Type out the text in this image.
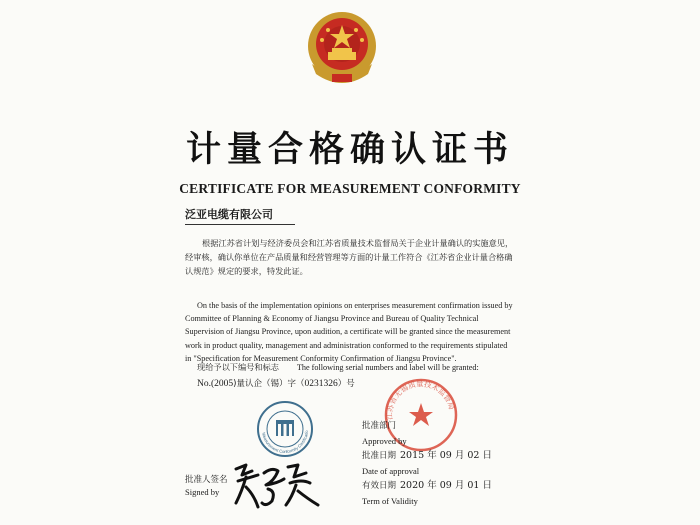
计量合格确认证书
CERTIFICATE FOR MEASUREMENT CONFORMITY
泛亚电缆有限公司
根据江苏省计划与经济委员会和江苏省质量技术监督局关于企业计量确认的实施意见，经审核，确认你单位在产品质量和经营管理等方面的计量工作符合《江苏省企业计量合格确认规范》规定的要求，特发此证。
On the basis of the implementation opinions on enterprises measurement confirmation issued by Committee of Planning & Economy of Jiangsu Province and Bureau of Quality Technical Supervision of Jiangsu Province, upon audition, a certificate will be granted since the measurement work in product quality, management and administration conformed to the requirements stipulated in "Specification for Measurement Conformity Confirmation of Jiangsu Province".
现给予以下编号和标志 The following serial numbers and label will be granted:
No.(2005)量认企（锡）字（0231326）号
Measurement Conformity Certificatio
江苏省无锡质量技术监督局
批准人签名
Signed by
批准部门
Approved by
批准日期 2015 年 09 月 02 日
Date of approval
有效日期 2020 年 09 月 01 日
Term of Validity
